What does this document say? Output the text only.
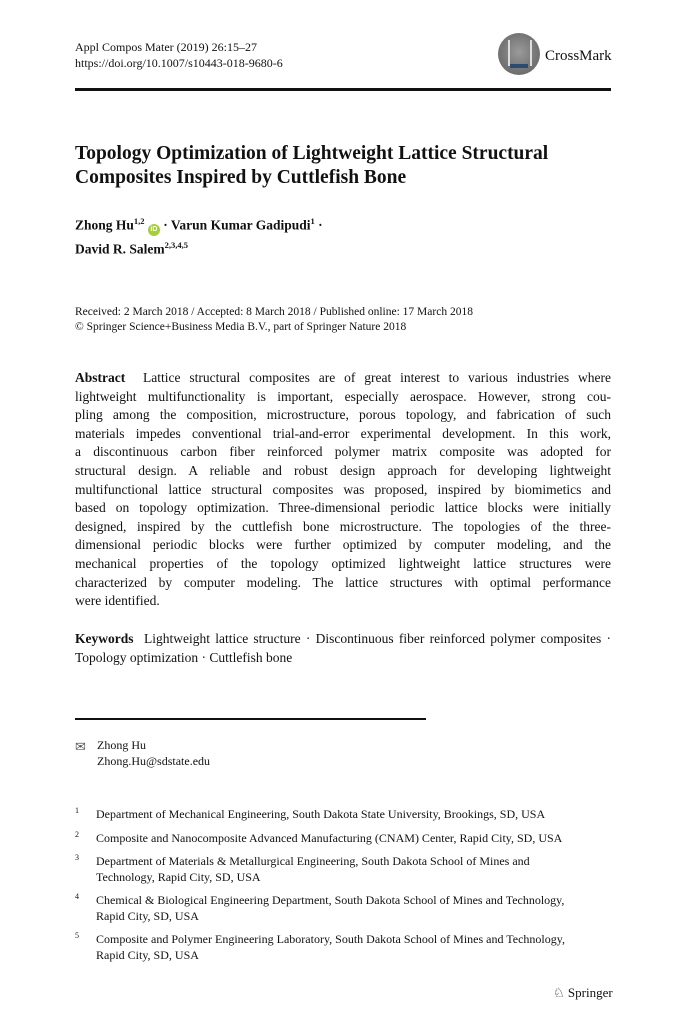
Appl Compos Mater (2019) 26:15–27
https://doi.org/10.1007/s10443-018-9680-6	CrossMark
Topology Optimization of Lightweight Lattice Structural
Composites Inspired by Cuttlefish Bone
Zhong Hu$^{1,2}$ iD · Varun Kumar Gadipudi$^1$ ·
David R. Salem$^{2,3,4,5}$
Received: 2 March 2018 / Accepted: 8 March 2018 / Published online: 17 March 2018
© Springer Science+Business Media B.V., part of Springer Nature 2018
Abstract Lattice structural composites are of great interest to various industries where
lightweight multifunctionality is important, especially aerospace. However, strong cou-
pling among the composition, microstructure, porous topology, and fabrication of such
materials impedes conventional trial-and-error experimental development. In this work,
a discontinuous carbon fiber reinforced polymer matrix composite was adopted for
structural design. A reliable and robust design approach for developing lightweight
multifunctional lattice structural composites was proposed, inspired by biomimetics and
based on topology optimization. Three-dimensional periodic lattice blocks were initially
designed, inspired by the cuttlefish bone microstructure. The topologies of the three-
dimensional periodic blocks were further optimized by computer modeling, and the
mechanical properties of the topology optimized lightweight lattice structures were
characterized by computer modeling. The lattice structures with optimal performance
were identified.
Keywords Lightweight lattice structure · Discontinuous fiber reinforced polymer composites ·
Topology optimization · Cuttlefish bone
✉ Zhong Hu
Zhong.Hu@sdstate.edu
1 Department of Mechanical Engineering, South Dakota State University, Brookings, SD, USA
2 Composite and Nanocomposite Advanced Manufacturing (CNAM) Center, Rapid City, SD, USA
3 Department of Materials & Metallurgical Engineering, South Dakota School of Mines and
Technology, Rapid City, SD, USA
4 Chemical & Biological Engineering Department, South Dakota School of Mines and Technology,
Rapid City, SD, USA
5 Composite and Polymer Engineering Laboratory, South Dakota School of Mines and Technology,
Rapid City, SD, USA
♘ Springer
